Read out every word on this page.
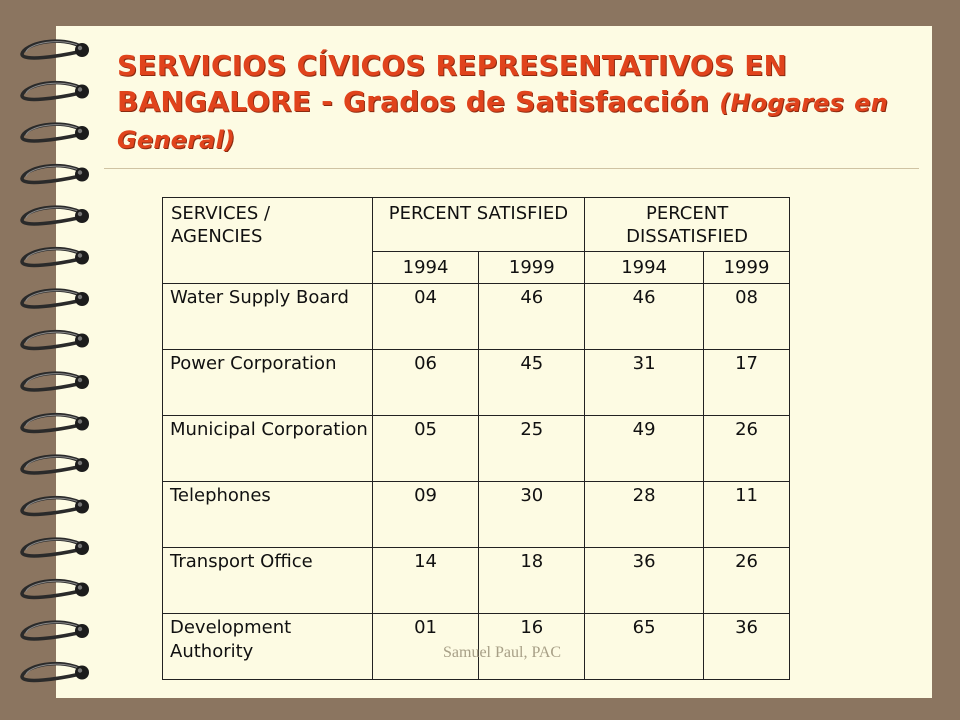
SERVICIOS CÍVICOS REPRESENTATIVOS EN BANGALORE - Grados de Satisfacción (Hogares en General)
SERVICES / AGENCIES	PERCENT SATISFIED		PERCENT DISSATISFIED	

	1994	1999	1994	1999
Water Supply Board	04	46	46	08
Power Corporation	06	45	31	17
Municipal Corporation	05	25	49	26
Telephones	09	30	28	11
Transport Office	14	18	36	26
Development Authority	01	16	65	36
Samuel Paul, PAC
